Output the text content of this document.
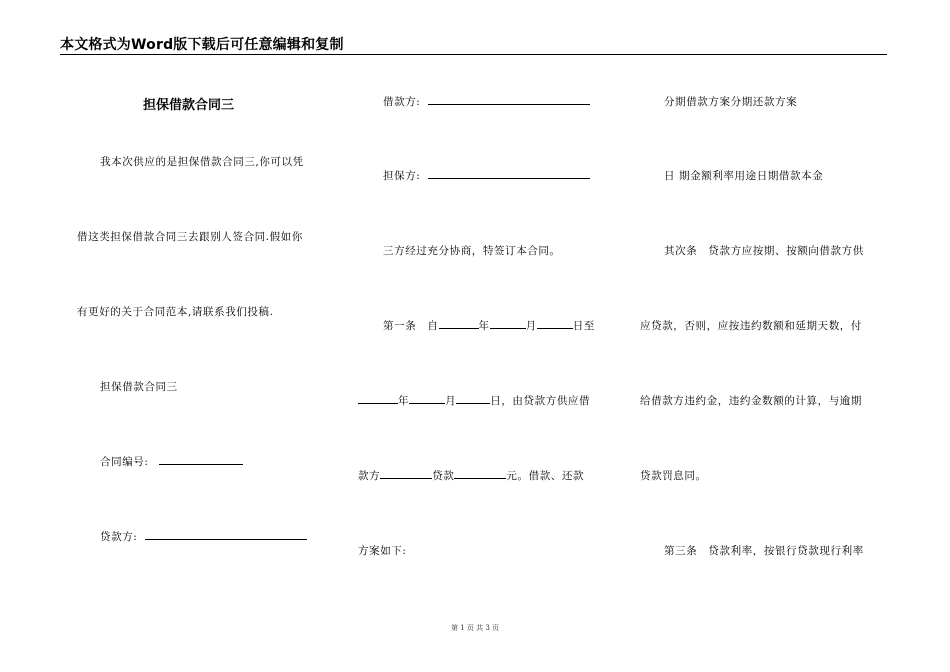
本文格式为Word版下载后可任意编辑和复制
担保借款合同三
我本次供应的是担保借款合同三,你可以凭
借这类担保借款合同三去跟别人签合同.假如你
有更好的关于合同范本,请联系我们投稿.
担保借款合同三
合同编号:
贷款方:
借款方:
担保方:
三方经过充分协商，特签订本合同。
第一条　自	年	月	日至
年	月	日，由贷款方供应借
款方	贷款	元。借款、还款
方案如下:
分期借款方案分期还款方案
日 期金额利率用途日期借款本金
其次条　贷款方应按期、按额向借款方供
应贷款，否则，应按违约数额和延期天数，付
给借款方违约金，违约金数额的计算，与逾期
贷款罚息同。
第三条　贷款利率，按银行贷款现行利率
第 1 页 共 3 页
